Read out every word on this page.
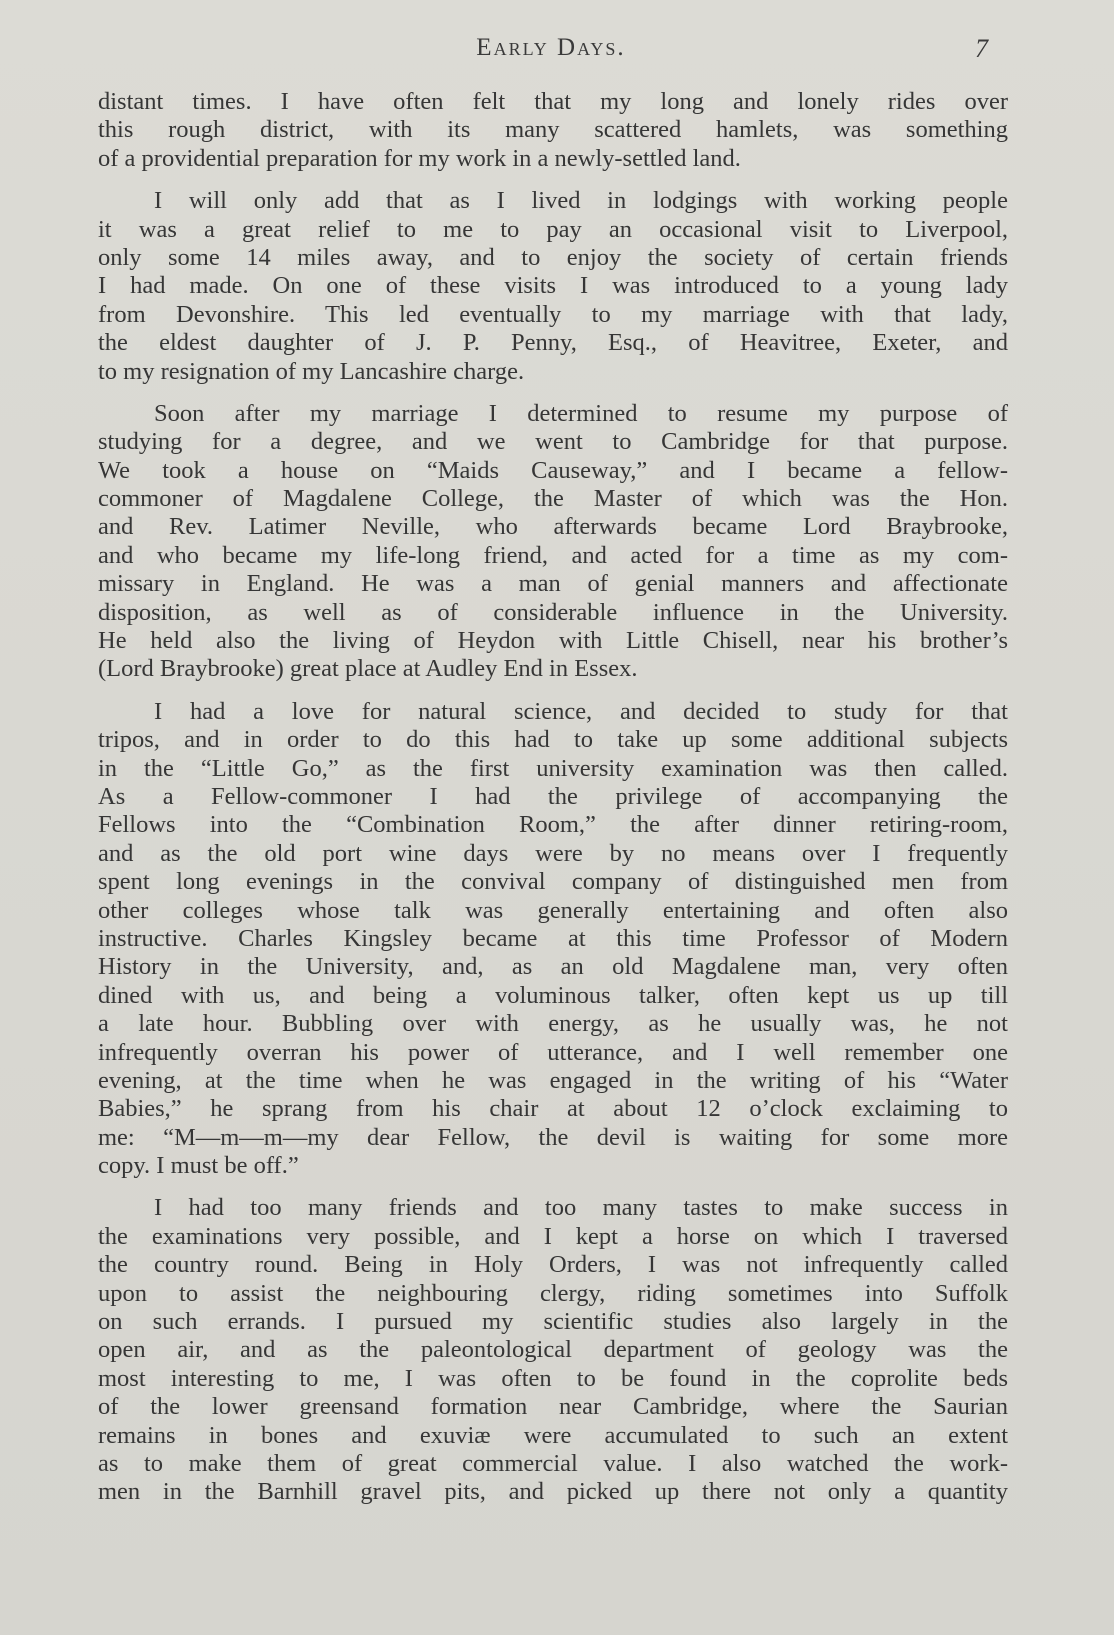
Early Days.	7
distant times. I have often felt that my long and lonely rides over
this rough district, with its many scattered hamlets, was something
of a providential preparation for my work in a newly-settled land.
I will only add that as I lived in lodgings with working people
it was a great relief to me to pay an occasional visit to Liverpool,
only some 14 miles away, and to enjoy the society of certain friends
I had made. On one of these visits I was introduced to a young lady
from Devonshire. This led eventually to my marriage with that lady,
the eldest daughter of J. P. Penny, Esq., of Heavitree, Exeter, and
to my resignation of my Lancashire charge.
Soon after my marriage I determined to resume my purpose of
studying for a degree, and we went to Cambridge for that purpose.
We took a house on “Maids Causeway,” and I became a fellow-
commoner of Magdalene College, the Master of which was the Hon.
and Rev. Latimer Neville, who afterwards became Lord Braybrooke,
and who became my life-long friend, and acted for a time as my com-
missary in England. He was a man of genial manners and affectionate
disposition, as well as of considerable influence in the University.
He held also the living of Heydon with Little Chisell, near his brother’s
(Lord Braybrooke) great place at Audley End in Essex.
I had a love for natural science, and decided to study for that
tripos, and in order to do this had to take up some additional subjects
in the “Little Go,” as the first university examination was then called.
As a Fellow-commoner I had the privilege of accompanying the
Fellows into the “Combination Room,” the after dinner retiring-room,
and as the old port wine days were by no means over I frequently
spent long evenings in the convival company of distinguished men from
other colleges whose talk was generally entertaining and often also
instructive. Charles Kingsley became at this time Professor of Modern
History in the University, and, as an old Magdalene man, very often
dined with us, and being a voluminous talker, often kept us up till
a late hour. Bubbling over with energy, as he usually was, he not
infrequently overran his power of utterance, and I well remember one
evening, at the time when he was engaged in the writing of his “Water
Babies,” he sprang from his chair at about 12 o’clock exclaiming to
me: “M—m—m—my dear Fellow, the devil is waiting for some more
copy. I must be off.”
I had too many friends and too many tastes to make success in
the examinations very possible, and I kept a horse on which I traversed
the country round. Being in Holy Orders, I was not infrequently called
upon to assist the neighbouring clergy, riding sometimes into Suffolk
on such errands. I pursued my scientific studies also largely in the
open air, and as the paleontological department of geology was the
most interesting to me, I was often to be found in the coprolite beds
of the lower greensand formation near Cambridge, where the Saurian
remains in bones and exuviæ were accumulated to such an extent
as to make them of great commercial value. I also watched the work-
men in the Barnhill gravel pits, and picked up there not only a quantity
